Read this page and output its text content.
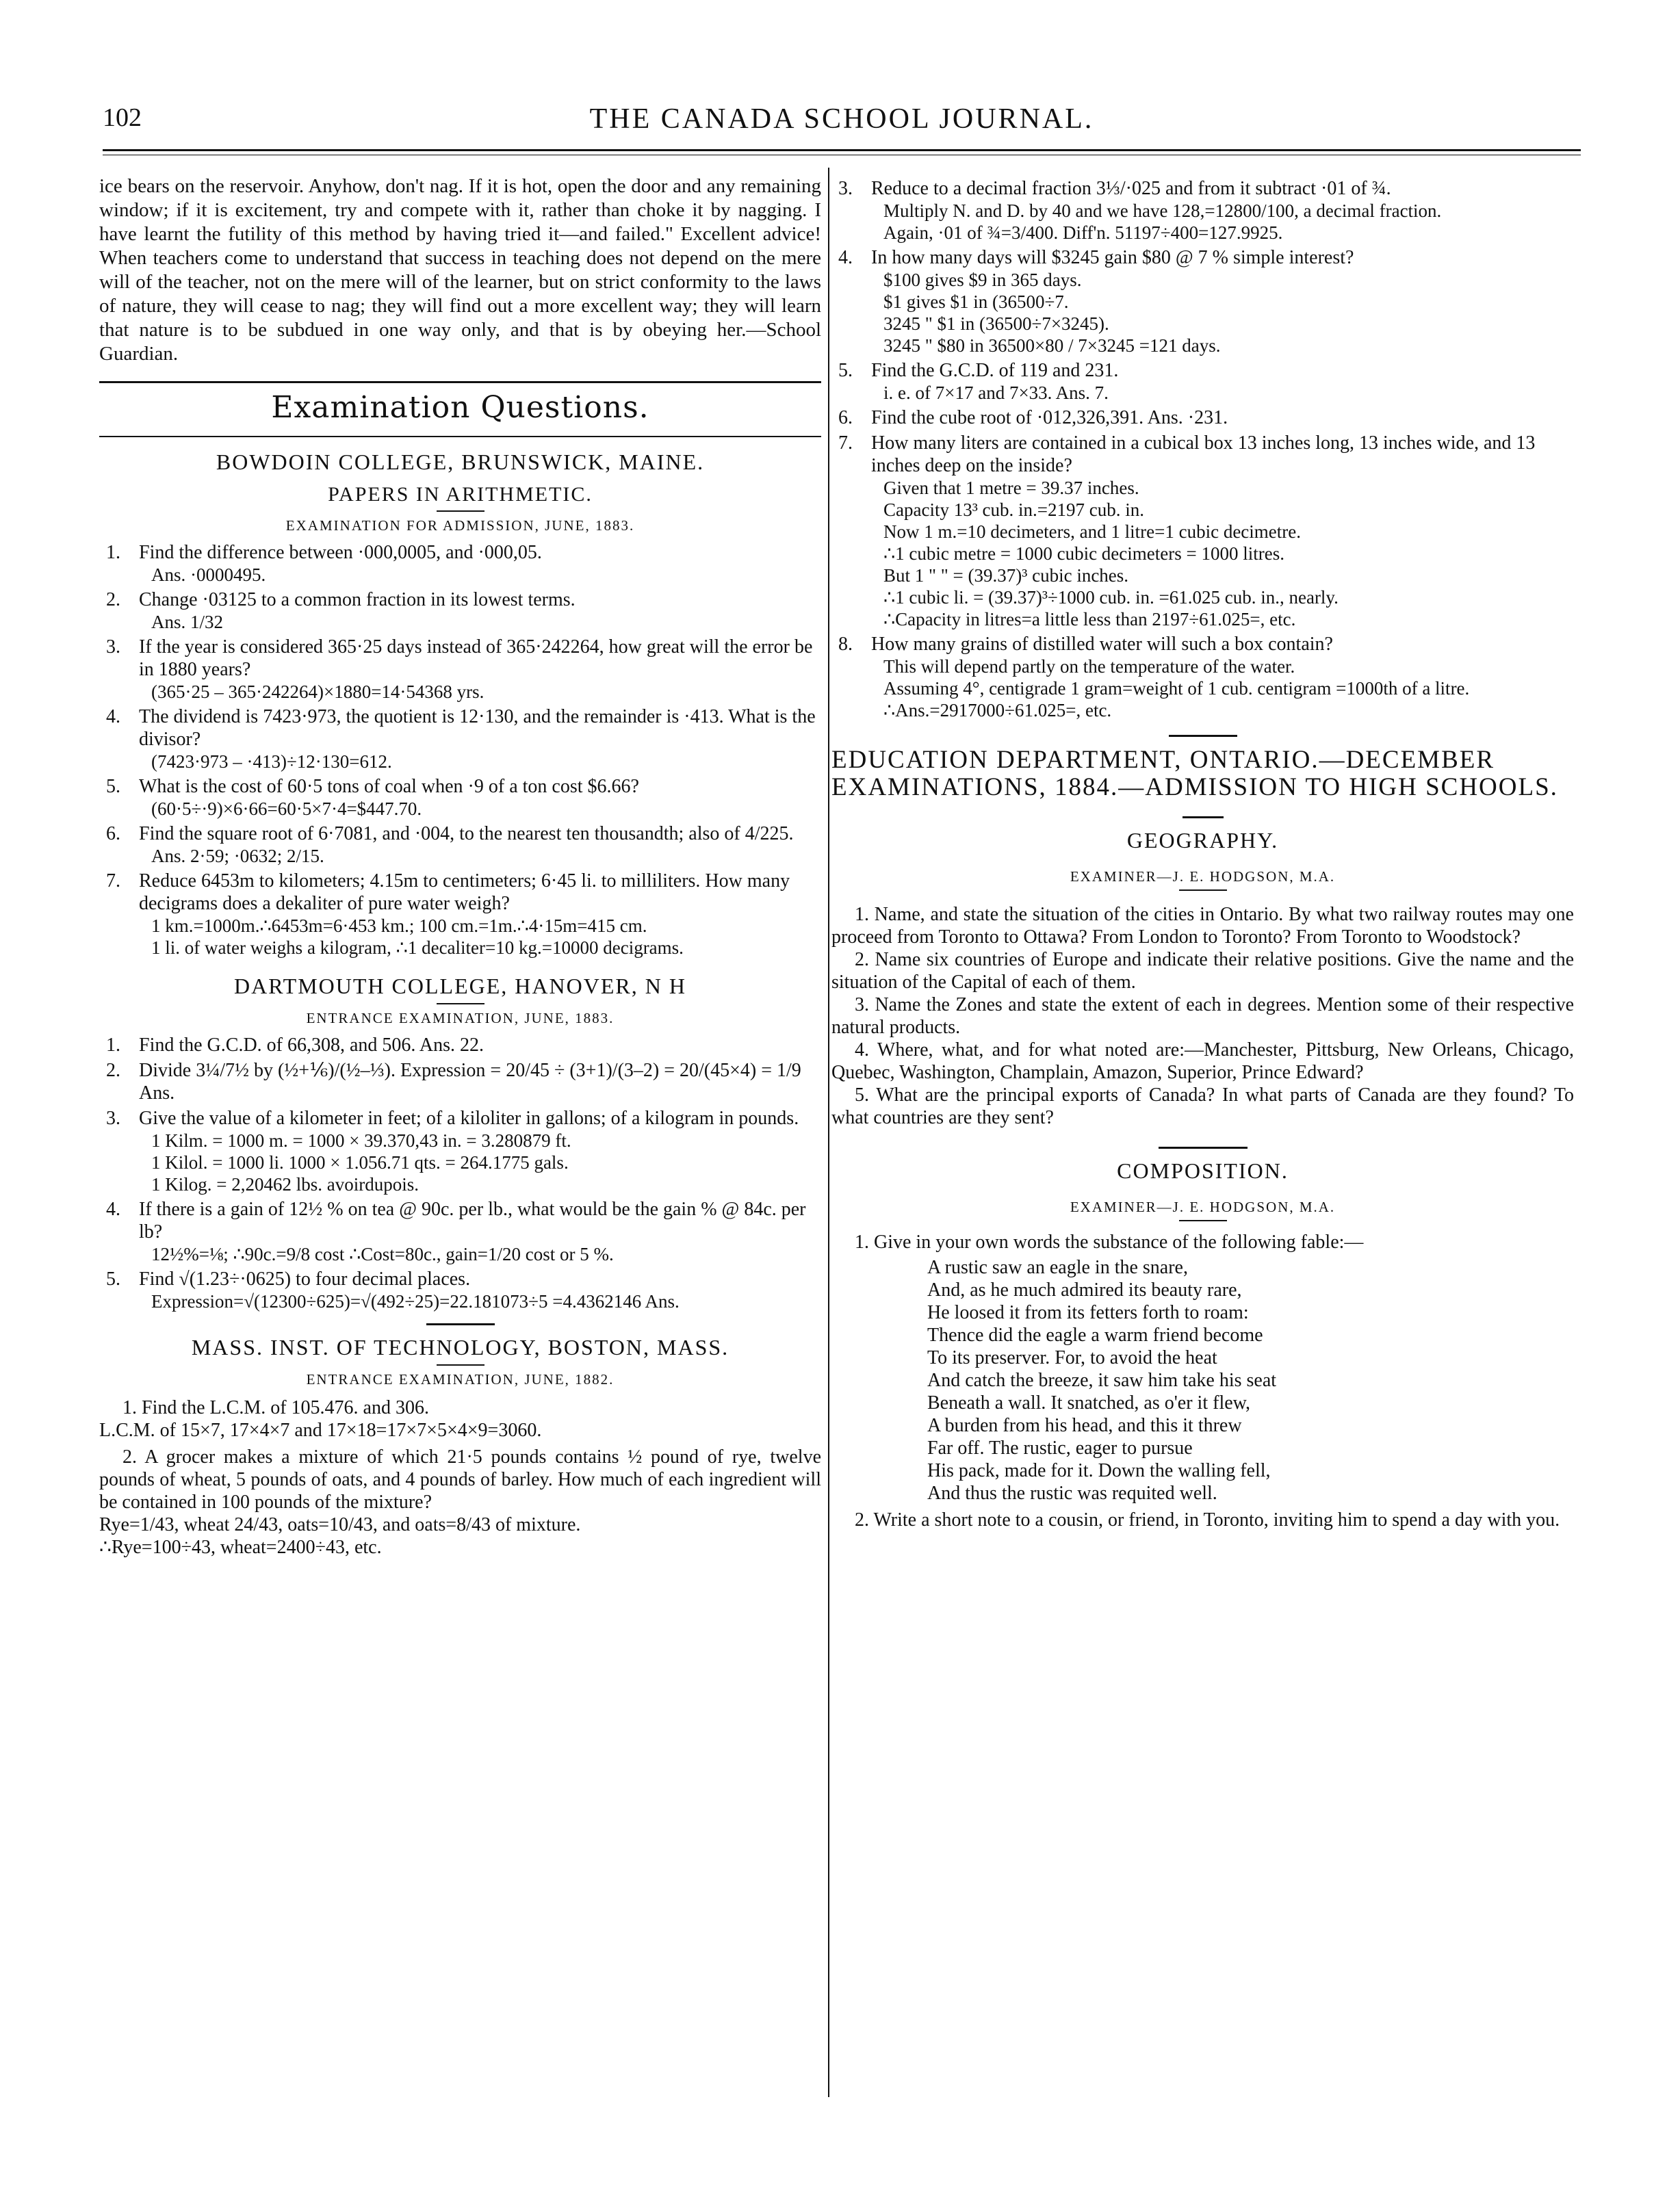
102	THE CANADA SCHOOL JOURNAL.

ice bears on the reservoir. Anyhow, don't nag. If it is hot, open the door and any remaining window; if it is excitement, try and compete with it, rather than choke it by nagging. I have learnt the futility of this method by having tried it—and failed." Excellent advice! When teachers come to understand that success in teaching does not depend on the mere will of the teacher, not on the mere will of the learner, but on strict conformity to the laws of nature, they will cease to nag; they will find out a more excellent way; they will learn that nature is to be subdued in one way only, and that is by obeying her.—School Guardian.

Examination Questions.

BOWDOIN COLLEGE, BRUNSWICK, MAINE.

PAPERS IN ARITHMETIC.

EXAMINATION FOR ADMISSION, JUNE, 1883.

1. Find the difference between ·000,0005, and ·000,05.
Ans. ·0000495.
2. Change ·03125 to a common fraction in its lowest terms.
Ans. 1/32
3. If the year is considered 365·25 days instead of 365·242264, how great will the error be in 1880 years?
(365·25 – 365·242264)×1880=14·54368 yrs.
4. The dividend is 7423·973, the quotient is 12·130, and the remainder is ·413. What is the divisor?
(7423·973 – ·413)÷12·130=612.
5. What is the cost of 60·5 tons of coal when ·9 of a ton cost $6.66?
(60·5÷·9)×6·66=60·5×7·4=$447.70.
6. Find the square root of 6·7081, and ·004, to the nearest ten thousandth; also of 4/225.
Ans. 2·59; ·0632; 2/15.
7. Reduce 6453m to kilometers; 4.15m to centimeters; 6·45 li. to milliliters. How many decigrams does a dekaliter of pure water weigh?
1 km.=1000m.∴6453m=6·453 km.; 100 cm.=1m.∴4·15m=415 cm.
1 li. of water weighs a kilogram, ∴1 decaliter=10 kg.=10000 decigrams.

DARTMOUTH COLLEGE, HANOVER, N H

ENTRANCE EXAMINATION, JUNE, 1883.

1. Find the G.C.D. of 66,308, and 506. Ans. 22.
2. Divide 3¼/7½ by (½+⅙)/(½–⅓). Expression = 20/45 ÷ (3+1)/(3–2) = 20/(45×4) = 1/9 Ans.
3. Give the value of a kilometer in feet; of a kiloliter in gallons; of a kilogram in pounds.
1 Kilm. = 1000 m. = 1000 × 39.370,43 in. = 3.280879 ft.
1 Kilol. = 1000 li. 1000 × 1.056.71 qts. = 264.1775 gals.
1 Kilog. = 2,20462 lbs. avoirdupois.
4. If there is a gain of 12½ % on tea @ 90c. per lb., what would be the gain % @ 84c. per lb?
12½%=⅛; ∴90c.=9/8 cost ∴Cost=80c., gain=1/20 cost or 5 %.
5. Find √(1.23÷·0625) to four decimal places.
Expression=√(12300÷625)=√(492÷25)=22.181073÷5 =4.4362146 Ans.

MASS. INST. OF TECHNOLOGY, BOSTON, MASS.

ENTRANCE EXAMINATION, JUNE, 1882.

1. Find the L.C.M. of 105.476. and 306.

L.C.M. of 15×7, 17×4×7 and 17×18=17×7×5×4×9=3060.

2. A grocer makes a mixture of which 21·5 pounds contains ½ pound of rye, twelve pounds of wheat, 5 pounds of oats, and 4 pounds of barley. How much of each ingredient will be contained in 100 pounds of the mixture?

Rye=1/43, wheat 24/43, oats=10/43, and oats=8/43 of mixture.

∴Rye=100÷43, wheat=2400÷43, etc.

3. Reduce to a decimal fraction 3⅓/·025 and from it subtract ·01 of ¾.
Multiply N. and D. by 40 and we have 128,=12800/100, a decimal fraction.
Again, ·01 of ¾=3/400. Diff'n. 51197÷400=127.9925.
4. In how many days will $3245 gain $80 @ 7 % simple interest?
$100 gives $9 in 365 days.
$1 gives $1 in (36500÷7.
3245 " $1 in (36500÷7×3245).
3245 " $80 in 36500×80 / 7×3245 =121 days.
5. Find the G.C.D. of 119 and 231.
i. e. of 7×17 and 7×33. Ans. 7.
6. Find the cube root of ·012,326,391. Ans. ·231.
7. How many liters are contained in a cubical box 13 inches long, 13 inches wide, and 13 inches deep on the inside?
Given that 1 metre = 39.37 inches.
Capacity 13³ cub. in.=2197 cub. in.
Now 1 m.=10 decimeters, and 1 litre=1 cubic decimetre.
∴1 cubic metre = 1000 cubic decimeters = 1000 litres.
But 1 " " = (39.37)³ cubic inches.
∴1 cubic li. = (39.37)³÷1000 cub. in. =61.025 cub. in., nearly.
∴Capacity in litres=a little less than 2197÷61.025=, etc.
8. How many grains of distilled water will such a box contain?
This will depend partly on the temperature of the water.
Assuming 4°, centigrade 1 gram=weight of 1 cub. centigram =1000th of a litre.
∴Ans.=2917000÷61.025=, etc.

EDUCATION DEPARTMENT, ONTARIO.—DECEMBER EXAMINATIONS, 1884.—ADMISSION TO HIGH SCHOOLS.

GEOGRAPHY.

EXAMINER—J. E. HODGSON, M.A.

1. Name, and state the situation of the cities in Ontario. By what two railway routes may one proceed from Toronto to Ottawa? From London to Toronto? From Toronto to Woodstock?

2. Name six countries of Europe and indicate their relative positions. Give the name and the situation of the Capital of each of them.

3. Name the Zones and state the extent of each in degrees. Mention some of their respective natural products.

4. Where, what, and for what noted are:—Manchester, Pittsburg, New Orleans, Chicago, Quebec, Washington, Champlain, Amazon, Superior, Prince Edward?

5. What are the principal exports of Canada? In what parts of Canada are they found? To what countries are they sent?

COMPOSITION.

EXAMINER—J. E. HODGSON, M.A.

1. Give in your own words the substance of the following fable:—

A rustic saw an eagle in the snare,

And, as he much admired its beauty rare,

He loosed it from its fetters forth to roam:

Thence did the eagle a warm friend become

To its preserver. For, to avoid the heat

And catch the breeze, it saw him take his seat

Beneath a wall. It snatched, as o'er it flew,

A burden from his head, and this it threw

Far off. The rustic, eager to pursue

His pack, made for it. Down the walling fell,

And thus the rustic was requited well.

2. Write a short note to a cousin, or friend, in Toronto, inviting him to spend a day with you.
